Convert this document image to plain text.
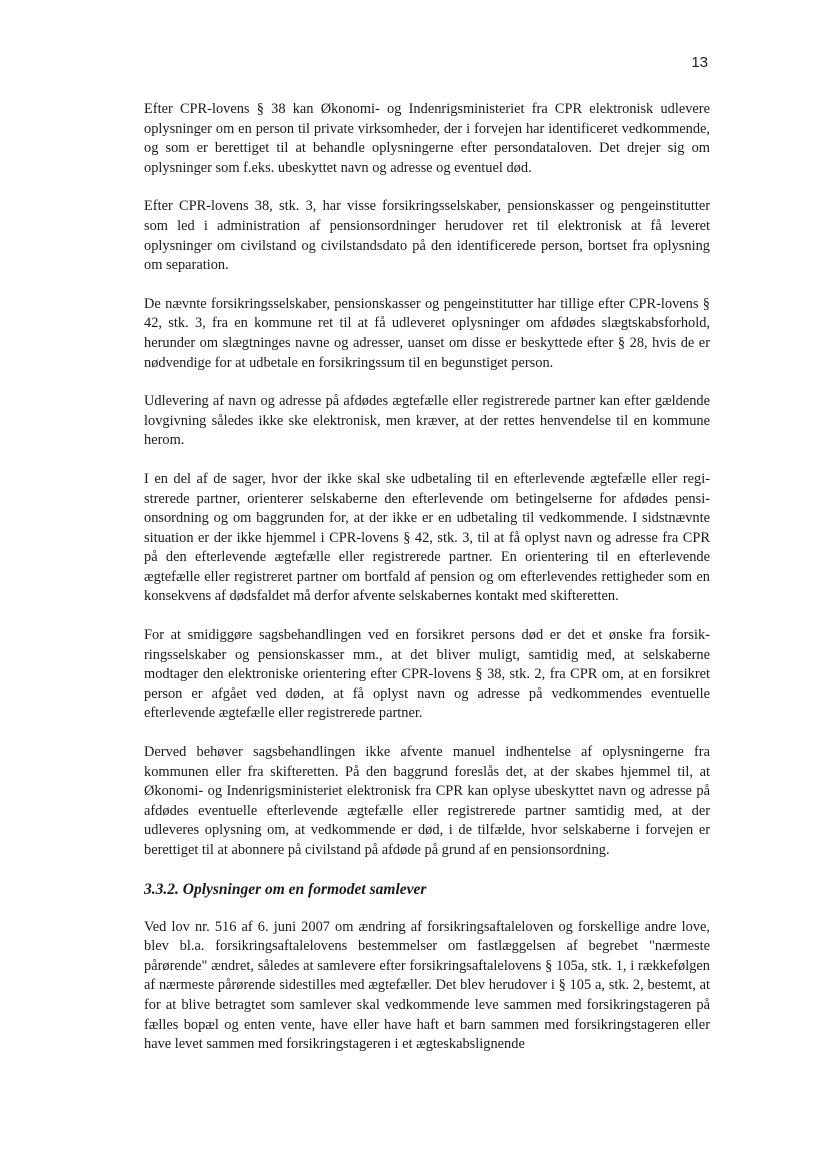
13

Efter CPR-lovens § 38 kan Økonomi- og Indenrigsministeriet fra CPR elektronisk udlevere oplysninger om en person til private virksomheder, der i forvejen har identificeret vedkommende, og som er berettiget til at behandle oplysningerne efter persondataloven. Det drejer sig om oplysninger som f.eks. ubeskyttet navn og adresse og eventuel død.

Efter CPR-lovens 38, stk. 3, har visse forsikringsselskaber, pensionskasser og pengeinstitutter som led i administration af pensionsordninger herudover ret til elektronisk at få leveret oplysninger om civilstand og civilstandsdato på den identificerede person, bortset fra oplysning om separation.

De nævnte forsikringsselskaber, pensionskasser og pengeinstitutter har tillige efter CPR-lovens § 42, stk. 3, fra en kommune ret til at få udleveret oplysninger om afdødes slægtskabsforhold, herunder om slægtninges navne og adresser, uanset om disse er beskyttede efter § 28, hvis de er nødvendige for at udbetale en forsikringssum til en begunstiget person.

Udlevering af navn og adresse på afdødes ægtefælle eller registrerede partner kan efter gældende lovgivning således ikke ske elektronisk, men kræver, at der rettes henvendelse til en kommune herom.

I en del af de sager, hvor der ikke skal ske udbetaling til en efterlevende ægtefælle eller registrerede partner, orienterer selskaberne den efterlevende om betingelserne for afdødes pensionsordning og om baggrunden for, at der ikke er en udbetaling til vedkommende. I sidstnævnte situation er der ikke hjemmel i CPR-lovens § 42, stk. 3, til at få oplyst navn og adresse fra CPR på den efterlevende ægtefælle eller registrerede partner. En orientering til en efterlevende ægtefælle eller registreret partner om bortfald af pension og om efterlevendes rettigheder som en konsekvens af dødsfaldet må derfor afvente selskabernes kontakt med skifteretten.

For at smidiggøre sagsbehandlingen ved en forsikret persons død er det et ønske fra forsikringsselskaber og pensionskasser mm., at det bliver muligt, samtidig med, at selskaberne modtager den elektroniske orientering efter CPR-lovens § 38, stk. 2, fra CPR om, at en forsikret person er afgået ved døden, at få oplyst navn og adresse på vedkommendes eventuelle efterlevende ægtefælle eller registrerede partner.

Derved behøver sagsbehandlingen ikke afvente manuel indhentelse af oplysningerne fra kommunen eller fra skifteretten. På den baggrund foreslås det, at der skabes hjemmel til, at Økonomi- og Indenrigsministeriet elektronisk fra CPR kan oplyse ubeskyttet navn og adresse på afdødes eventuelle efterlevende ægtefælle eller registrerede partner samtidig med, at der udleveres oplysning om, at vedkommende er død, i de tilfælde, hvor selskaberne i forvejen er berettiget til at abonnere på civilstand på afdøde på grund af en pensionsordning.

3.3.2. Oplysninger om en formodet samlever

Ved lov nr. 516 af 6. juni 2007 om ændring af forsikringsaftaleloven og forskellige andre love, blev bl.a. forsikringsaftalelovens bestemmelser om fastlæggelsen af begrebet "nærmeste pårørende" ændret, således at samlevere efter forsikringsaftalelovens § 105a, stk. 1, i rækkefølgen af nærmeste pårørende sidestilles med ægtefæller. Det blev herudover i § 105 a, stk. 2, bestemt, at for at blive betragtet som samlever skal vedkommende leve sammen med forsikringstageren på fælles bopæl og enten vente, have eller have haft et barn sammen med forsikringstageren eller have levet sammen med forsikringstageren i et ægteskabslignende
